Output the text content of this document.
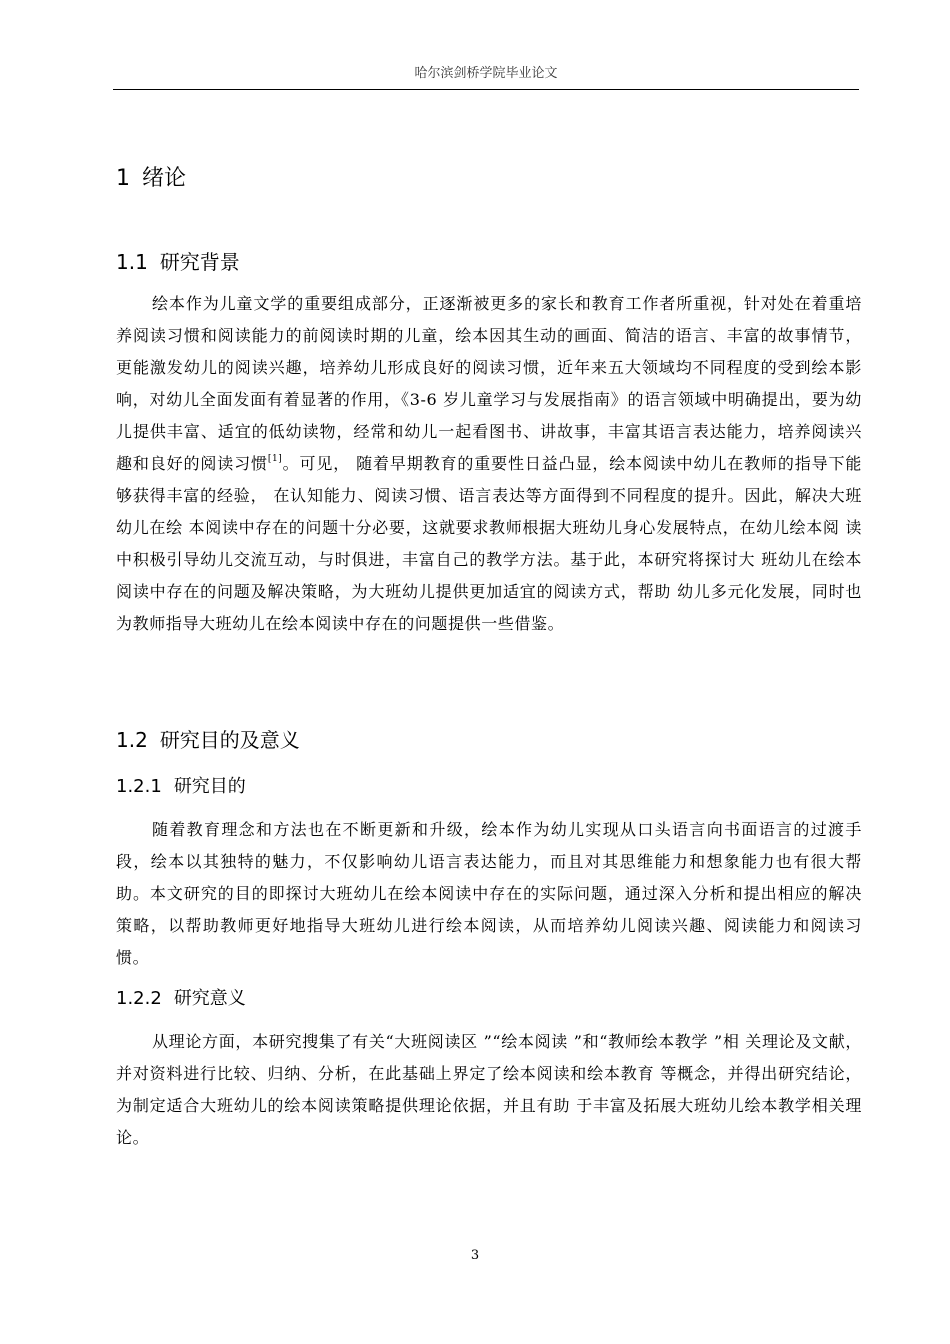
哈尔滨剑桥学院毕业论文
1 绪论
1.1 研究背景

绘本作为儿童文学的重要组成部分，正逐渐被更多的家长和教育工作者所重视，针对处在着重培养阅读习惯和阅读能力的前阅读时期的儿童，绘本因其生动的画面、简洁的语言、丰富的故事情节，更能激发幼儿的阅读兴趣，培养幼儿形成良好的阅读习惯，近年来五大领域均不同程度的受到绘本影响，对幼儿全面发面有着显著的作用，《3-6 岁儿童学习与发展指南》的语言领域中明确提出，要为幼儿提供丰富、适宜的低幼读物，经常和幼儿一起看图书、讲故事，丰富其语言表达能力，培养阅读兴趣和良好的阅读习惯[1]。可见， 随着早期教育的重要性日益凸显，绘本阅读中幼儿在教师的指导下能够获得丰富的经验， 在认知能力、阅读习惯、语言表达等方面得到不同程度的提升。因此，解决大班幼儿在绘 本阅读中存在的问题十分必要，这就要求教师根据大班幼儿身心发展特点，在幼儿绘本阅 读中积极引导幼儿交流互动，与时俱进，丰富自己的教学方法。基于此，本研究将探讨大 班幼儿在绘本阅读中存在的问题及解决策略，为大班幼儿提供更加适宜的阅读方式，帮助 幼儿多元化发展，同时也为教师指导大班幼儿在绘本阅读中存在的问题提供一些借鉴。

1.2 研究目的及意义
1.2.1 研究目的

随着教育理念和方法也在不断更新和升级，绘本作为幼儿实现从口头语言向书面语言的过渡手段，绘本以其独特的魅力，不仅影响幼儿语言表达能力，而且对其思维能力和想象能力也有很大帮助。本文研究的目的即探讨大班幼儿在绘本阅读中存在的实际问题，通过深入分析和提出相应的解决策略，以帮助教师更好地指导大班幼儿进行绘本阅读，从而培养幼儿阅读兴趣、阅读能力和阅读习惯。

1.2.2 研究意义

从理论方面，本研究搜集了有关“大班阅读区 ”“绘本阅读 ”和“教师绘本教学 ”相 关理论及文献，并对资料进行比较、归纳、分析，在此基础上界定了绘本阅读和绘本教育 等概念，并得出研究结论，为制定适合大班幼儿的绘本阅读策略提供理论依据，并且有助 于丰富及拓展大班幼儿绘本教学相关理论。

3
